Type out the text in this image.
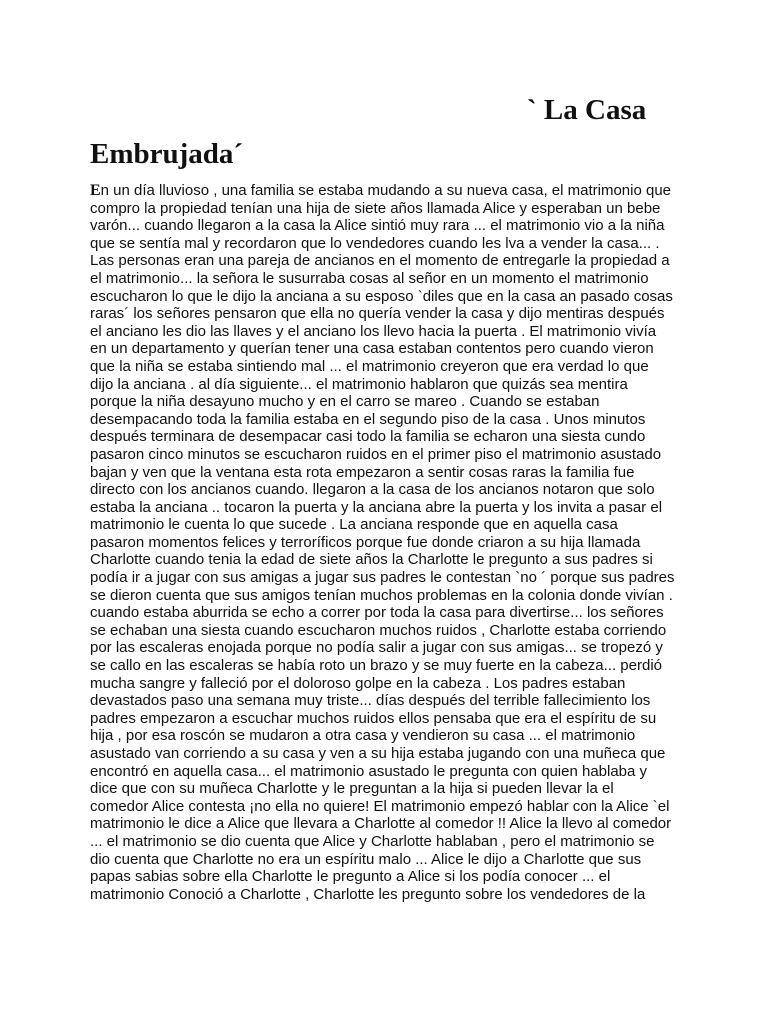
` La Casa
Embrujada´
En un día lluvioso , una familia se estaba mudando a su nueva casa, el matrimonio que
compro la propiedad tenían una hija de siete años llamada Alice y esperaban un bebe
varón... cuando llegaron a la casa la Alice sintió muy rara ... el matrimonio vio a la niña
que se sentía mal y recordaron que lo vendedores cuando les lva a vender la casa... .
Las personas eran una pareja de ancianos en el momento de entregarle la propiedad a
el matrimonio... la señora le susurraba cosas al señor en un momento el matrimonio
escucharon lo que le dijo la anciana a su esposo `diles que en la casa an pasado cosas
raras´ los señores pensaron que ella no quería vender la casa y dijo mentiras después
el anciano les dio las llaves y el anciano los llevo hacia la puerta . El matrimonio vivía
en un departamento y querían tener una casa estaban contentos pero cuando vieron
que la niña se estaba sintiendo mal ... el matrimonio creyeron que era verdad lo que
dijo la anciana . al día siguiente... el matrimonio hablaron que quizás sea mentira
porque la niña desayuno mucho y en el carro se mareo . Cuando se estaban
desempacando toda la familia estaba en el segundo piso de la casa . Unos minutos
después terminara de desempacar casi todo la familia se echaron una siesta cundo
pasaron cinco minutos se escucharon ruidos en el primer piso el matrimonio asustado
bajan y ven que la ventana esta rota empezaron a sentir cosas raras la familia fue
directo con los ancianos cuando. llegaron a la casa de los ancianos notaron que solo
estaba la anciana .. tocaron la puerta y la anciana abre la puerta y los invita a pasar el
matrimonio le cuenta lo que sucede . La anciana responde que en aquella casa
pasaron momentos felices y terroríficos porque fue donde criaron a su hija llamada
Charlotte cuando tenia la edad de siete años la Charlotte le pregunto a sus padres si
podía ir a jugar con sus amigas a jugar sus padres le contestan `no ´ porque sus padres
se dieron cuenta que sus amigos tenían muchos problemas en la colonia donde vivían .
cuando estaba aburrida se echo a correr por toda la casa para divertirse... los señores
se echaban una siesta cuando escucharon muchos ruidos , Charlotte estaba corriendo
por las escaleras enojada porque no podía salir a jugar con sus amigas... se tropezó y
se callo en las escaleras se había roto un brazo y se muy fuerte en la cabeza... perdió
mucha sangre y falleció por el doloroso golpe en la cabeza . Los padres estaban
devastados paso una semana muy triste... días después del terrible fallecimiento los
padres empezaron a escuchar muchos ruidos ellos pensaba que era el espíritu de su
hija , por esa roscón se mudaron a otra casa y vendieron su casa ... el matrimonio
asustado van corriendo a su casa y ven a su hija estaba jugando con una muñeca que
encontró en aquella casa... el matrimonio asustado le pregunta con quien hablaba y
dice que con su muñeca Charlotte y le preguntan a la hija si pueden llevar la el
comedor Alice contesta ¡no ella no quiere! El matrimonio empezó hablar con la Alice `el
matrimonio le dice a Alice que llevara a Charlotte al comedor !! Alice la llevo al comedor
... el matrimonio se dio cuenta que Alice y Charlotte hablaban , pero el matrimonio se
dio cuenta que Charlotte no era un espíritu malo ... Alice le dijo a Charlotte que sus
papas sabias sobre ella Charlotte le pregunto a Alice si los podía conocer ... el
matrimonio Conoció a Charlotte , Charlotte les pregunto sobre los vendedores de la
